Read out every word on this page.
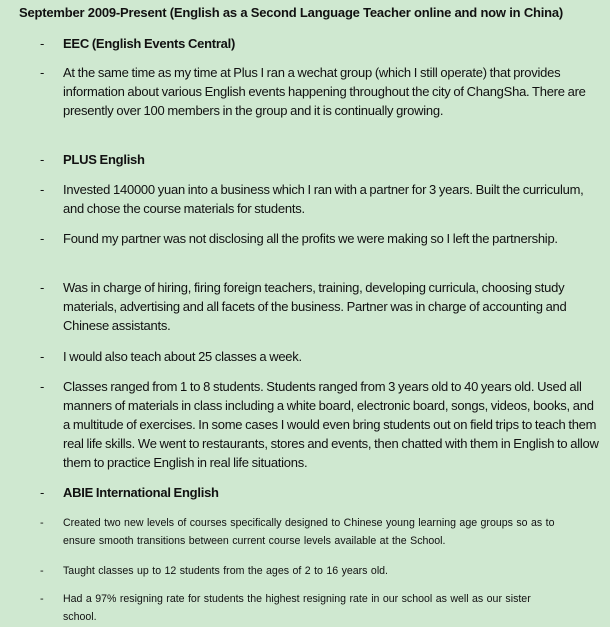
September 2009-Present (English as a Second Language Teacher online and now in China)
- EEC (English Events Central)
- At the same time as my time at Plus I ran a wechat group (which I still operate) that provides information about various English events happening throughout the city of ChangSha. There are presently over 100 members in the group and it is continually growing.
- PLUS English
- Invested 140000 yuan into a business which I ran with a partner for 3 years. Built the curriculum, and chose the course materials for students.
- Found my partner was not disclosing all the profits we were making so I left the partnership.
- Was in charge of hiring, firing foreign teachers, training, developing curricula, choosing study materials, advertising and all facets of the business. Partner was in charge of accounting and Chinese assistants.
- I would also teach about 25 classes a week.
- Classes ranged from 1 to 8 students. Students ranged from 3 years old to 40 years old. Used all manners of materials in class including a white board, electronic board, songs, videos, books, and a multitude of exercises. In some cases I would even bring students out on field trips to teach them real life skills. We went to restaurants, stores and events, then chatted with them in English to allow them to practice English in real life situations.
- ABIE International English
- Created two new levels of courses specifically designed to Chinese young learning age groups so as to ensure smooth transitions between current course levels available at the School.
- Taught classes up to 12 students from the ages of 2 to 16 years old.
- Had a 97% resigning rate for students the highest resigning rate in our school as well as our sister school.
